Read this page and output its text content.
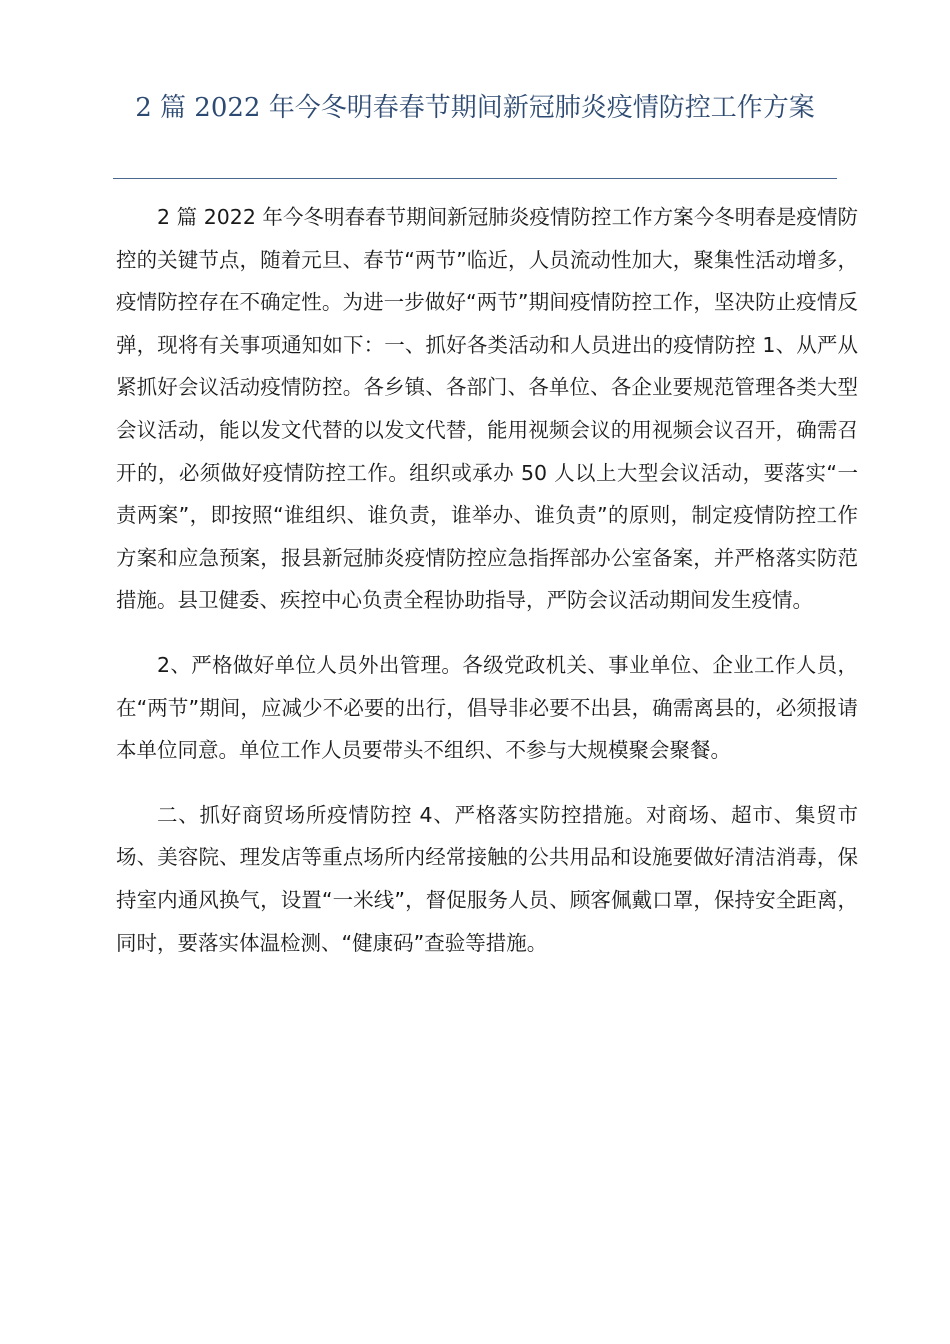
2 篇 2022 年今冬明春春节期间新冠肺炎疫情防控工作方案

2 篇 2022 年今冬明春春节期间新冠肺炎疫情防控工作方案今冬明春是疫情防控的关键节点，随着元旦、春节“两节”临近，人员流动性加大，聚集性活动增多，疫情防控存在不确定性。为进一步做好“两节”期间疫情防控工作，坚决防止疫情反弹，现将有关事项通知如下：一、抓好各类活动和人员进出的疫情防控 1、从严从紧抓好会议活动疫情防控。各乡镇、各部门、各单位、各企业要规范管理各类大型会议活动，能以发文代替的以发文代替，能用视频会议的用视频会议召开，确需召开的，必须做好疫情防控工作。组织或承办 50 人以上大型会议活动，要落实“一责两案”，即按照“谁组织、谁负责，谁举办、谁负责”的原则，制定疫情防控工作方案和应急预案，报县新冠肺炎疫情防控应急指挥部办公室备案，并严格落实防范措施。县卫健委、疾控中心负责全程协助指导，严防会议活动期间发生疫情。

2、严格做好单位人员外出管理。各级党政机关、事业单位、企业工作人员，在“两节”期间，应减少不必要的出行，倡导非必要不出县，确需离县的，必须报请本单位同意。单位工作人员要带头不组织、不参与大规模聚会聚餐。

二、抓好商贸场所疫情防控 4、严格落实防控措施。对商场、超市、集贸市场、美容院、理发店等重点场所内经常接触的公共用品和设施要做好清洁消毒，保持室内通风换气，设置“一米线”，督促服务人员、顾客佩戴口罩，保持安全距离，同时，要落实体温检测、“健康码”查验等措施。
